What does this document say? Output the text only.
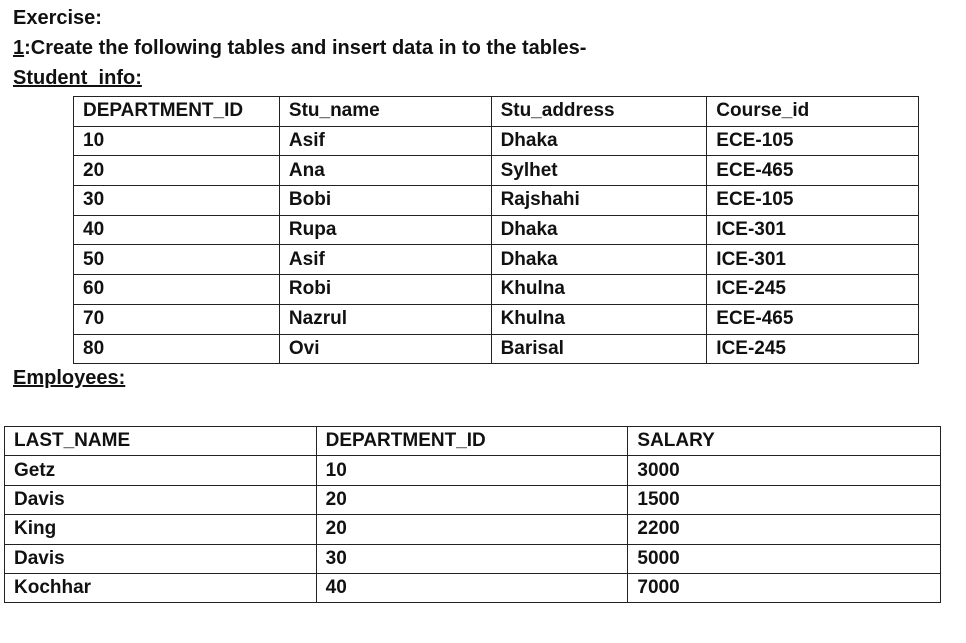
Exercise:
1:Create the following tables and insert data in to the tables-
Student_info:
DEPARTMENT_ID	Stu_name	Stu_address	Course_id
10	Asif	Dhaka	ECE-105
20	Ana	Sylhet	ECE-465
30	Bobi	Rajshahi	ECE-105
40	Rupa	Dhaka	ICE-301
50	Asif	Dhaka	ICE-301
60	Robi	Khulna	ICE-245
70	Nazrul	Khulna	ECE-465
80	Ovi	Barisal	ICE-245
Employees:
LAST_NAME	DEPARTMENT_ID	SALARY
Getz	10	3000
Davis	20	1500
King	20	2200
Davis	30	5000
Kochhar	40	7000
